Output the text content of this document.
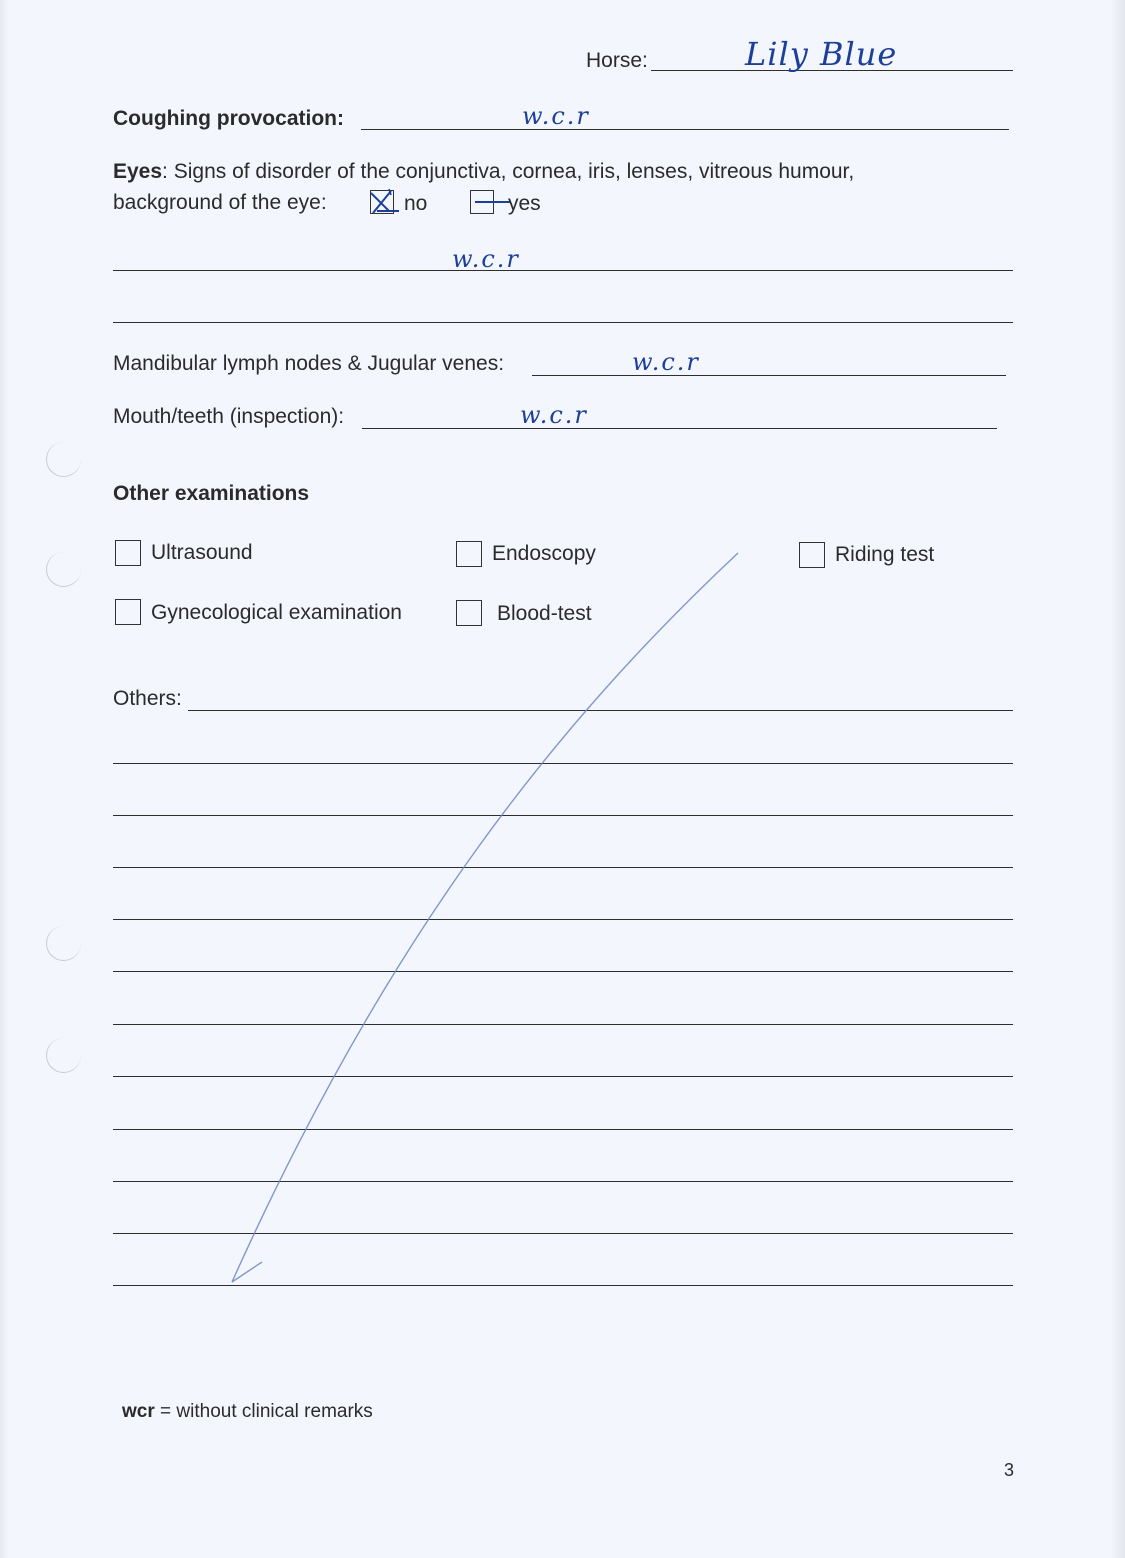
Horse:	Lily Blue
Coughing provocation:	w.c.r
Eyes: Signs of disorder of the conjunctiva, cornea, iris, lenses, vitreous humour,
background of the eye:	no	yes
w.c.r
Mandibular lymph nodes & Jugular venes:	w.c.r
Mouth/teeth (inspection):	w.c.r
Other examinations
Ultrasound	Endoscopy	Riding test
Gynecological examination	Blood-test
Others:
wcr = without clinical remarks
3
